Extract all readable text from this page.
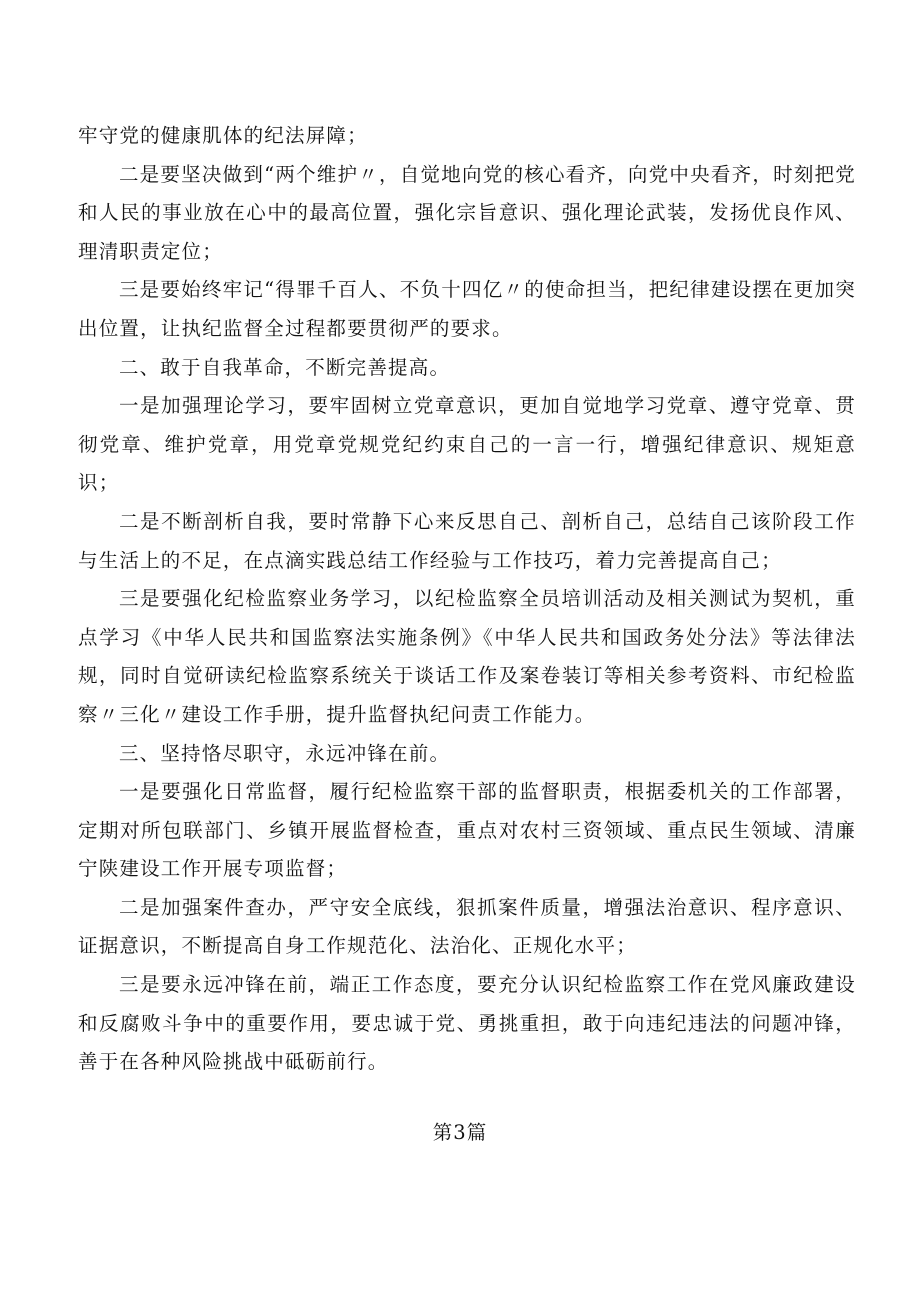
牢守党的健康肌体的纪法屏障；

二是要坚决做到“两个维护〃，自觉地向党的核心看齐，向党中央看齐，时刻把党和人民的事业放在心中的最高位置，强化宗旨意识、强化理论武装，发扬优良作风、理清职责定位；

三是要始终牢记“得罪千百人、不负十四亿〃的使命担当，把纪律建设摆在更加突出位置，让执纪监督全过程都要贯彻严的要求。

二、敢于自我革命，不断完善提高。

一是加强理论学习，要牢固树立党章意识，更加自觉地学习党章、遵守党章、贯彻党章、维护党章，用党章党规党纪约束自己的一言一行，增强纪律意识、规矩意识；

二是不断剖析自我，要时常静下心来反思自己、剖析自己，总结自己该阶段工作与生活上的不足，在点滴实践总结工作经验与工作技巧，着力完善提高自己；

三是要强化纪检监察业务学习，以纪检监察全员培训活动及相关测试为契机，重点学习《中华人民共和国监察法实施条例》《中华人民共和国政务处分法》等法律法规，同时自觉研读纪检监察系统关于谈话工作及案卷装订等相关参考资料、市纪检监察〃三化〃建设工作手册，提升监督执纪问责工作能力。

三、坚持恪尽职守，永远冲锋在前。

一是要强化日常监督，履行纪检监察干部的监督职责，根据委机关的工作部署，定期对所包联部门、乡镇开展监督检查，重点对农村三资领域、重点民生领域、清廉宁陕建设工作开展专项监督；

二是加强案件查办，严守安全底线，狠抓案件质量，增强法治意识、程序意识、证据意识，不断提高自身工作规范化、法治化、正规化水平；

三是要永远冲锋在前，端正工作态度，要充分认识纪检监察工作在党风廉政建设和反腐败斗争中的重要作用，要忠诚于党、勇挑重担，敢于向违纪违法的问题冲锋，善于在各种风险挑战中砥砺前行。

第3篇
